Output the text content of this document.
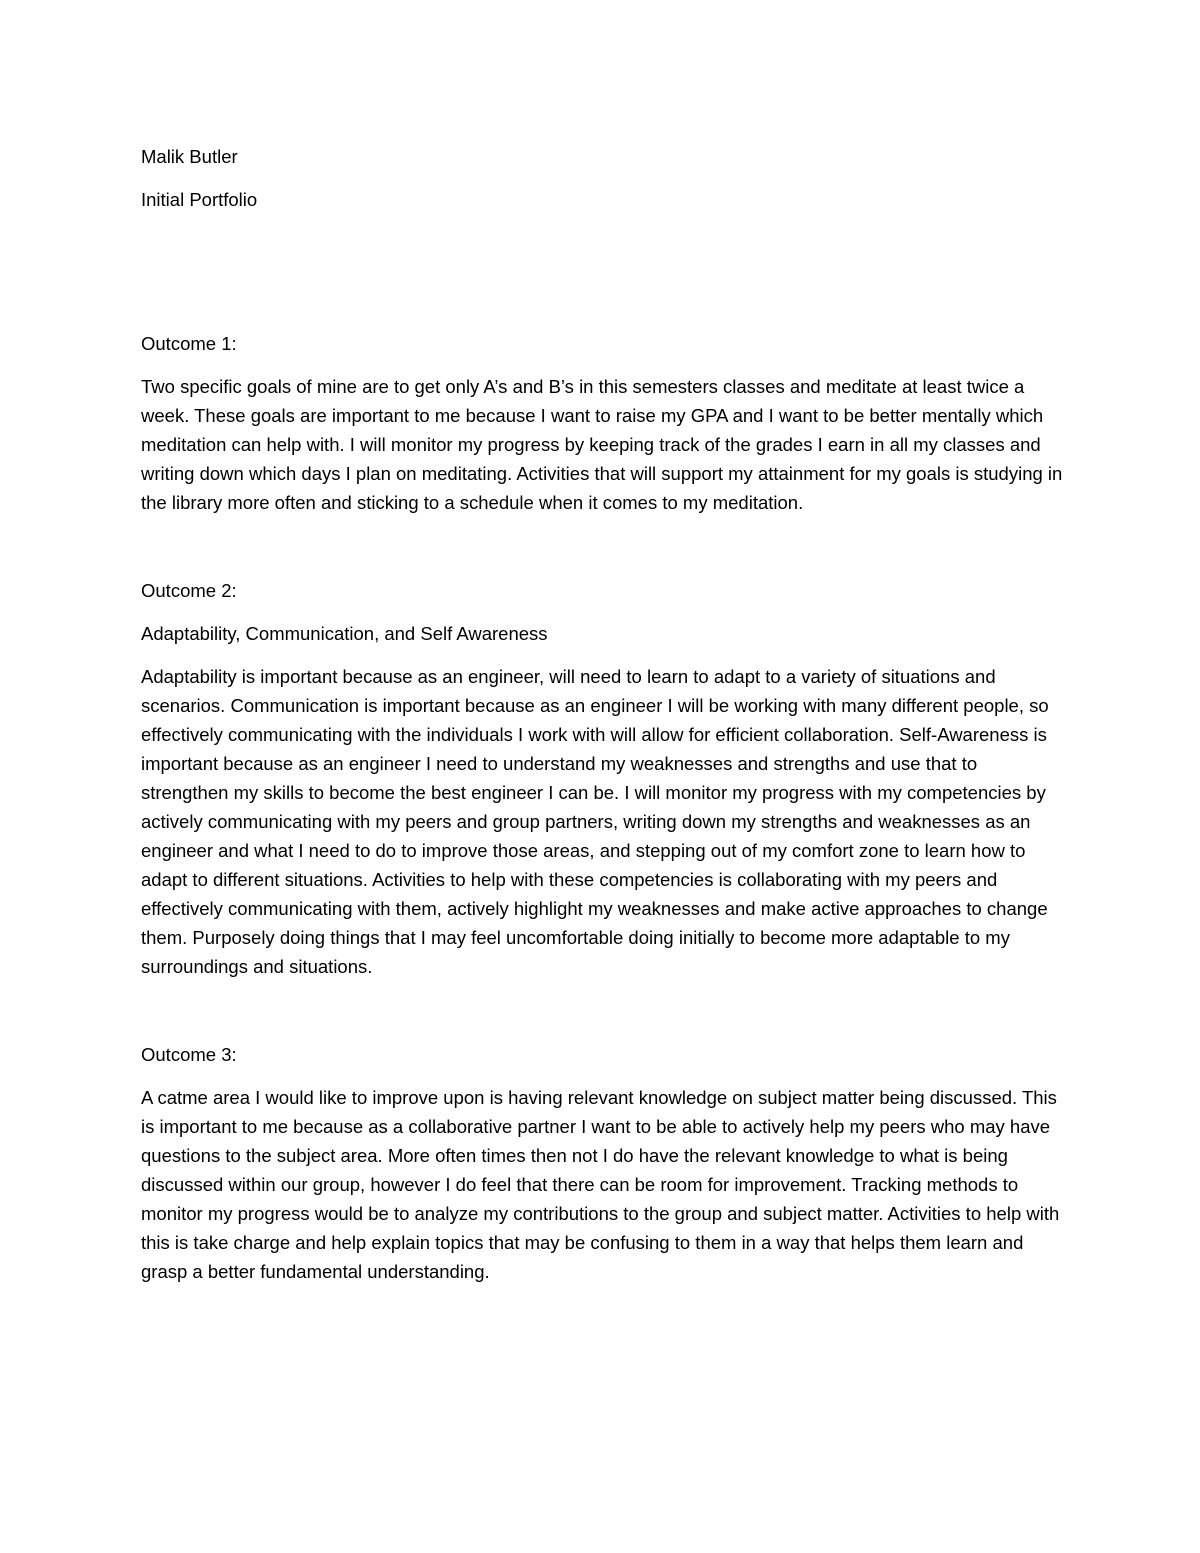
Malik Butler

Initial Portfolio

Outcome 1:

Two specific goals of mine are to get only A’s and B’s in this semesters classes and meditate at least twice a week. These goals are important to me because I want to raise my GPA and I want to be better mentally which meditation can help with. I will monitor my progress by keeping track of the grades I earn in all my classes and writing down which days I plan on meditating. Activities that will support my attainment for my goals is studying in the library more often and sticking to a schedule when it comes to my meditation.

Outcome 2:

Adaptability, Communication, and Self Awareness

Adaptability is important because as an engineer, will need to learn to adapt to a variety of situations and scenarios. Communication is important because as an engineer I will be working with many different people, so effectively communicating with the individuals I work with will allow for efficient collaboration. Self-Awareness is important because as an engineer I need to understand my weaknesses and strengths and use that to strengthen my skills to become the best engineer I can be. I will monitor my progress with my competencies by actively communicating with my peers and group partners, writing down my strengths and weaknesses as an engineer and what I need to do to improve those areas, and stepping out of my comfort zone to learn how to adapt to different situations. Activities to help with these competencies is collaborating with my peers and effectively communicating with them, actively highlight my weaknesses and make active approaches to change them. Purposely doing things that I may feel uncomfortable doing initially to become more adaptable to my surroundings and situations.

Outcome 3:

A catme area I would like to improve upon is having relevant knowledge on subject matter being discussed. This is important to me because as a collaborative partner I want to be able to actively help my peers who may have questions to the subject area. More often times then not I do have the relevant knowledge to what is being discussed within our group, however I do feel that there can be room for improvement. Tracking methods to monitor my progress would be to analyze my contributions to the group and subject matter. Activities to help with this is take charge and help explain topics that may be confusing to them in a way that helps them learn and grasp a better fundamental understanding.
